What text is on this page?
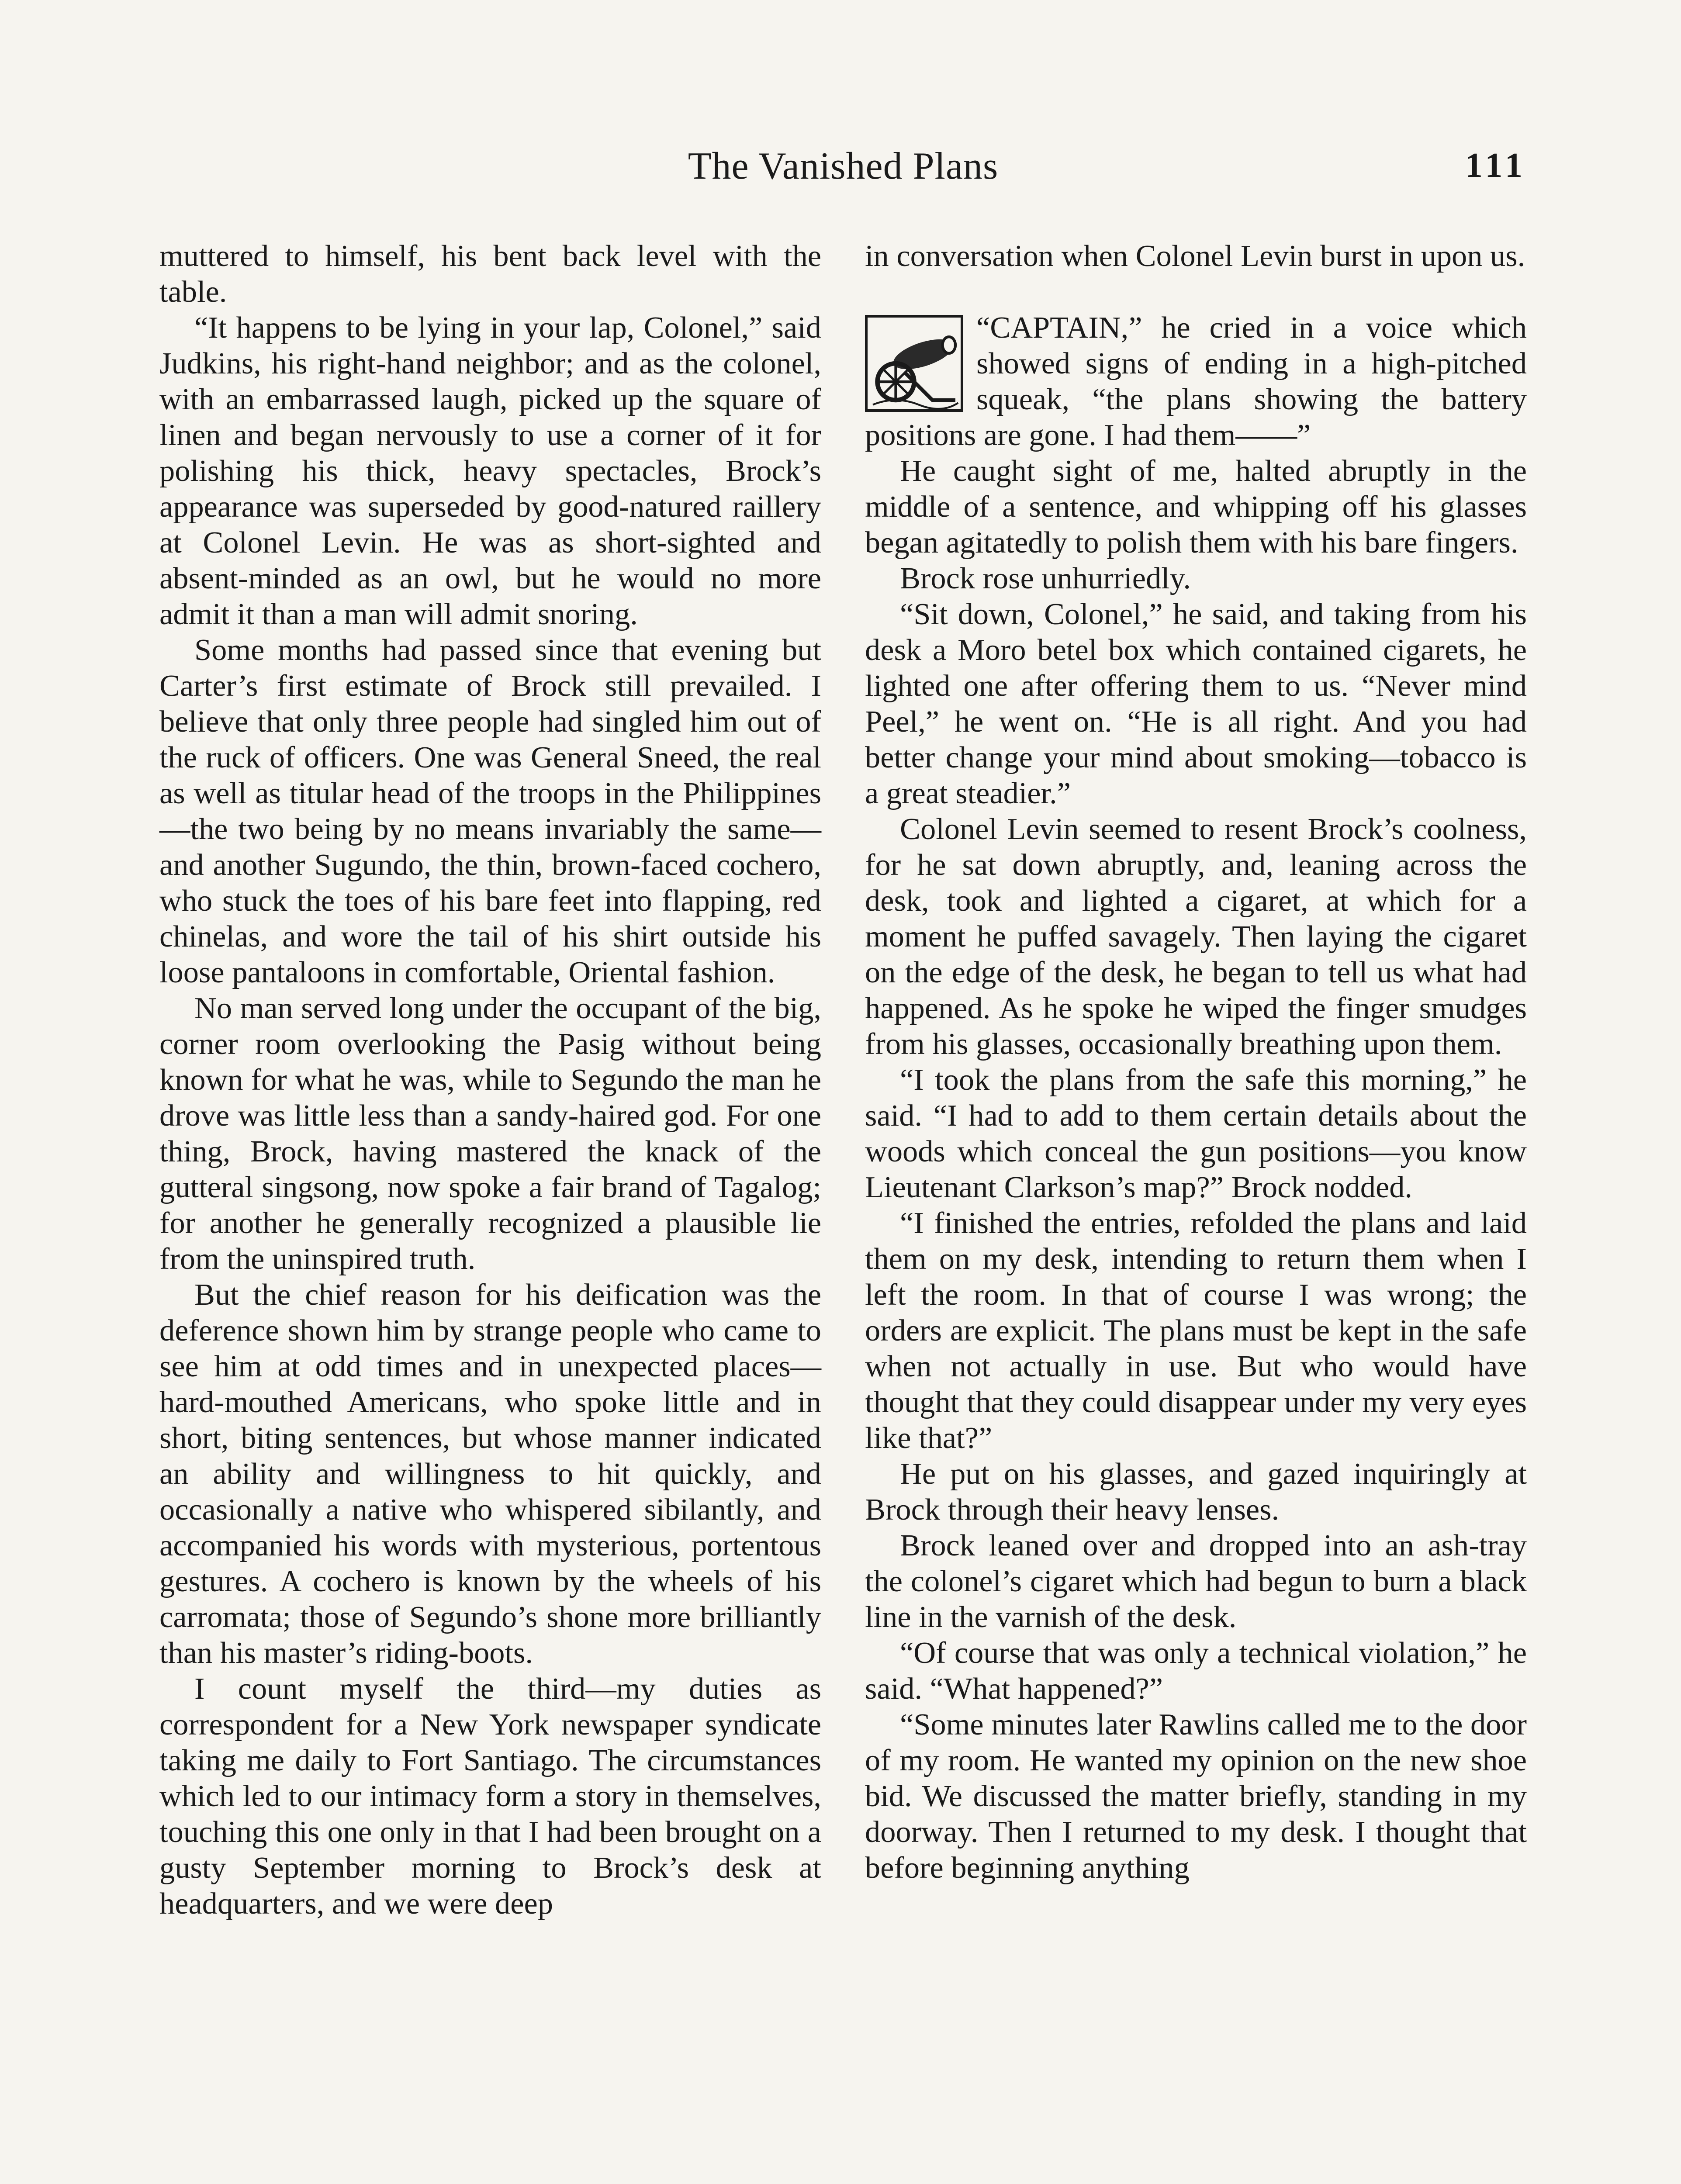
The Vanished Plans	111

muttered to himself, his bent back level with the table.

“It happens to be lying in your lap, Colonel,” said Judkins, his right-hand neighbor; and as the colonel, with an embarrassed laugh, picked up the square of linen and began nervously to use a corner of it for polishing his thick, heavy spectacles, Brock’s appearance was superseded by good-natured raillery at Colonel Levin. He was as short-sighted and absent-minded as an owl, but he would no more admit it than a man will admit snoring.

Some months had passed since that evening but Carter’s first estimate of Brock still prevailed. I believe that only three people had singled him out of the ruck of officers. One was General Sneed, the real as well as titular head of the troops in the Philippines—the two being by no means invariably the same—and another Sugundo, the thin, brown-faced cochero, who stuck the toes of his bare feet into flapping, red chinelas, and wore the tail of his shirt outside his loose pantaloons in comfortable, Oriental fashion.

No man served long under the occupant of the big, corner room overlooking the Pasig without being known for what he was, while to Segundo the man he drove was little less than a sandy-haired god. For one thing, Brock, having mastered the knack of the gutteral singsong, now spoke a fair brand of Tagalog; for another he generally recognized a plausible lie from the uninspired truth.

But the chief reason for his deification was the deference shown him by strange people who came to see him at odd times and in unexpected places—hard-mouthed Americans, who spoke little and in short, biting sentences, but whose manner indicated an ability and willingness to hit quickly, and occasionally a native who whispered sibilantly, and accompanied his words with mysterious, portentous gestures. A cochero is known by the wheels of his carromata; those of Segundo’s shone more brilliantly than his master’s riding-boots.

I count myself the third—my duties as correspondent for a New York newspaper syndicate taking me daily to Fort Santiago. The circumstances which led to our intimacy form a story in themselves, touching this one only in that I had been brought on a gusty September morning to Brock’s desk at headquarters, and we were deep

in conversation when Colonel Levin burst in upon us.

“CAPTAIN,” he cried in a voice which showed signs of ending in a high-pitched squeak, “the plans showing the battery positions are gone. I had them——”

He caught sight of me, halted abruptly in the middle of a sentence, and whipping off his glasses began agitatedly to polish them with his bare fingers.

Brock rose unhurriedly.

“Sit down, Colonel,” he said, and taking from his desk a Moro betel box which contained cigarets, he lighted one after offering them to us. “Never mind Peel,” he went on. “He is all right. And you had better change your mind about smoking—tobacco is a great steadier.”

Colonel Levin seemed to resent Brock’s coolness, for he sat down abruptly, and, leaning across the desk, took and lighted a cigaret, at which for a moment he puffed savagely. Then laying the cigaret on the edge of the desk, he began to tell us what had happened. As he spoke he wiped the finger smudges from his glasses, occasionally breathing upon them.

“I took the plans from the safe this morning,” he said. “I had to add to them certain details about the woods which conceal the gun positions—you know Lieutenant Clarkson’s map?” Brock nodded.

“I finished the entries, refolded the plans and laid them on my desk, intending to return them when I left the room. In that of course I was wrong; the orders are explicit. The plans must be kept in the safe when not actually in use. But who would have thought that they could disappear under my very eyes like that?”

He put on his glasses, and gazed inquiringly at Brock through their heavy lenses.

Brock leaned over and dropped into an ash-tray the colonel’s cigaret which had begun to burn a black line in the varnish of the desk.

“Of course that was only a technical violation,” he said. “What happened?”

“Some minutes later Rawlins called me to the door of my room. He wanted my opinion on the new shoe bid. We discussed the matter briefly, standing in my doorway. Then I returned to my desk. I thought that before beginning anything
